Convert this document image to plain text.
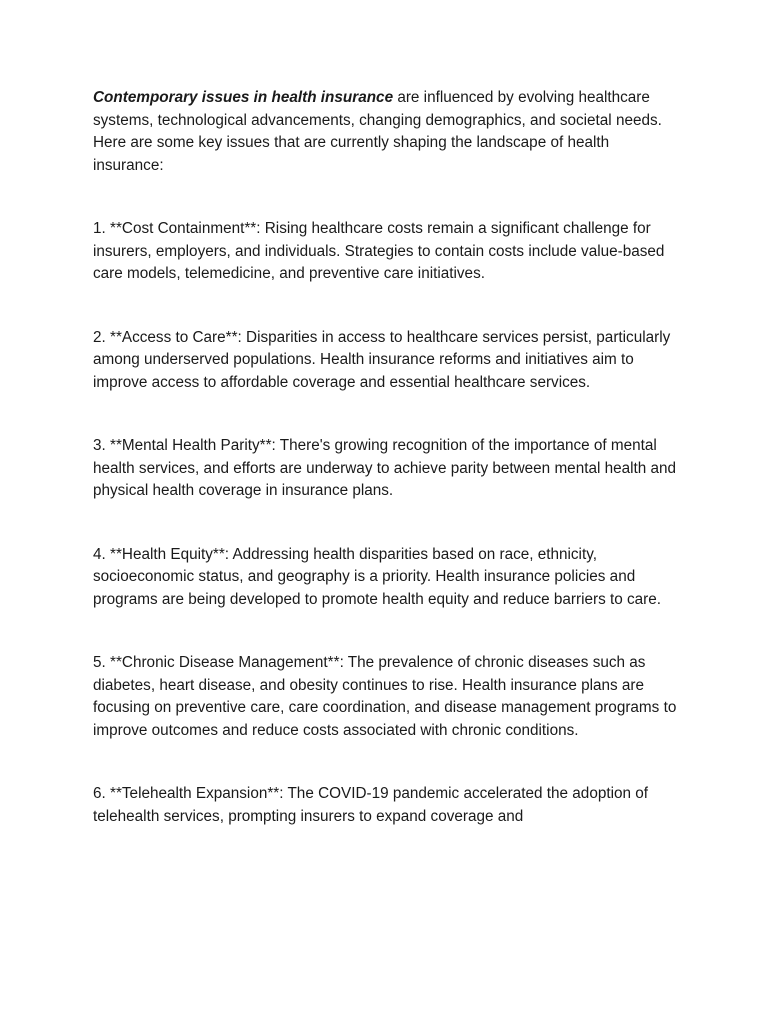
Contemporary issues in health insurance are influenced by evolving healthcare systems, technological advancements, changing demographics, and societal needs. Here are some key issues that are currently shaping the landscape of health insurance:

1. **Cost Containment**: Rising healthcare costs remain a significant challenge for insurers, employers, and individuals. Strategies to contain costs include value-based care models, telemedicine, and preventive care initiatives.

2. **Access to Care**: Disparities in access to healthcare services persist, particularly among underserved populations. Health insurance reforms and initiatives aim to improve access to affordable coverage and essential healthcare services.

3. **Mental Health Parity**: There's growing recognition of the importance of mental health services, and efforts are underway to achieve parity between mental health and physical health coverage in insurance plans.

4. **Health Equity**: Addressing health disparities based on race, ethnicity, socioeconomic status, and geography is a priority. Health insurance policies and programs are being developed to promote health equity and reduce barriers to care.

5. **Chronic Disease Management**: The prevalence of chronic diseases such as diabetes, heart disease, and obesity continues to rise. Health insurance plans are focusing on preventive care, care coordination, and disease management programs to improve outcomes and reduce costs associated with chronic conditions.

6. **Telehealth Expansion**: The COVID-19 pandemic accelerated the adoption of telehealth services, prompting insurers to expand coverage and
